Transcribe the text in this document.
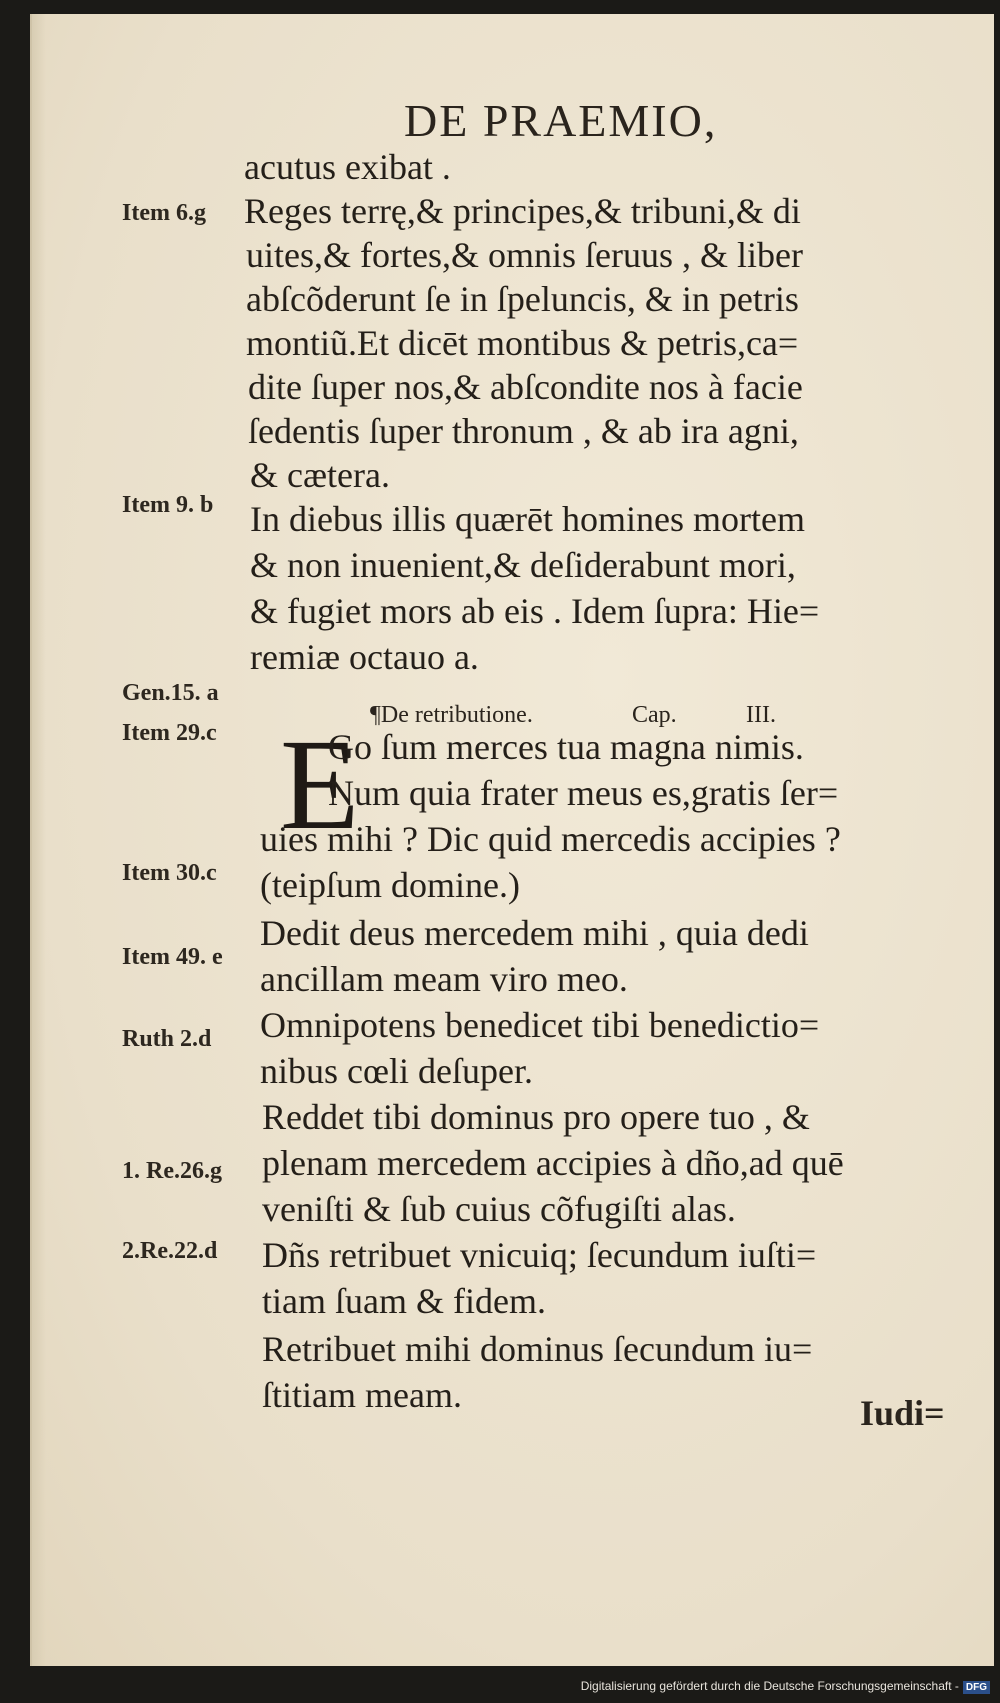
DE PRAEMIO,
Item 6.g
Item 9. b
Gen.15. a
Item 29.c
Item 30.c
Item 49. e
Ruth 2.d
1. Re.26.g
2.Re.22.d
acutus exibat .
Reges terrę,& principes,& tribuni,& di
uites,& fortes,& omnis ſeruus , & liber
abſcõderunt ſe in ſpeluncis, & in petris
montiũ.Et dicēt montibus & petris,ca=
dite ſuper nos,& abſcondite nos à facie
ſedentis ſuper thronum , & ab ira agni,
& cætera.
In diebus illis quærēt homines mortem
& non inuenient,& deſiderabunt mori,
& fugiet mors ab eis . Idem ſupra: Hie=
remiæ octauo a.
¶De retributione.	Cap.	III.
E
Go ſum merces tua magna nimis.
Num quia frater meus es,gratis ſer=
uies mihi ? Dic quid mercedis accipies ?
(teipſum domine.)
Dedit deus mercedem mihi , quia dedi
ancillam meam viro meo.
Omnipotens benedicet tibi benedictio=
nibus cœli deſuper.
Reddet tibi dominus pro opere tuo , &
plenam mercedem accipies à dño,ad quē
veniſti & ſub cuius cõfugiſti alas.
Dñs retribuet vnicuiq; ſecundum iuſti=
tiam ſuam & fidem.
Retribuet mihi dominus ſecundum iu=
ſtitiam meam.	Iudi=
Digitalisierung gefördert durch die Deutsche Forschungsgemeinschaft - DFG
